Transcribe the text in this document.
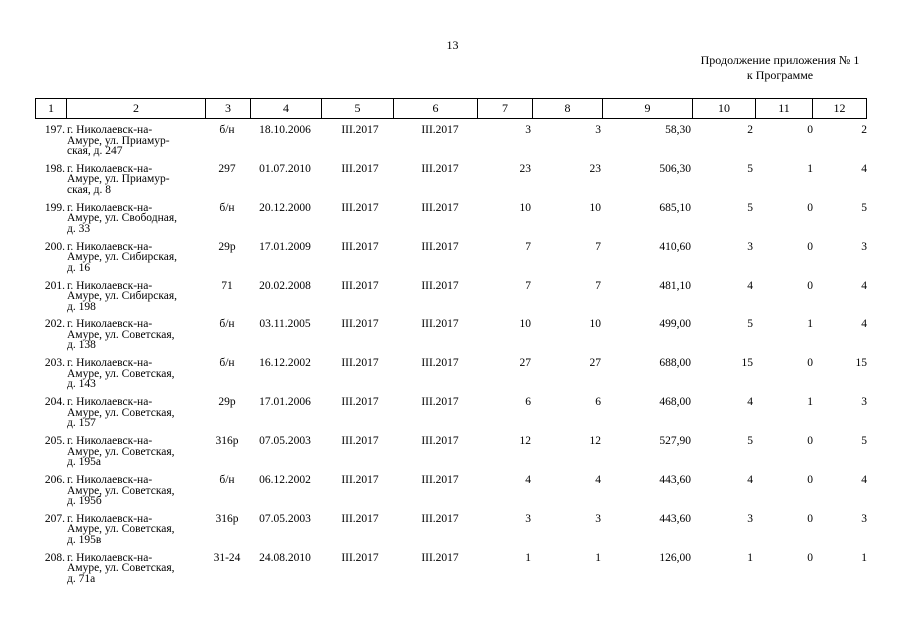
13
Продолжение приложения № 1
к Программе
1	2	3	4	5	6	7	8	9	10	11	12
197. г. Николаевск-на-
Амуре, ул. Приамур-
ская, д. 247
б/н	18.10.2006	III.2017	III.2017	3	3	58,30	2	0	2
198. г. Николаевск-на-
Амуре, ул. Приамур-
ская, д. 8
297	01.07.2010	III.2017	III.2017	23	23	506,30	5	1	4
199. г. Николаевск-на-
Амуре, ул. Свободная,
д. 33
б/н	20.12.2000	III.2017	III.2017	10	10	685,10	5	0	5
200. г. Николаевск-на-
Амуре, ул. Сибирская,
д. 16
29р	17.01.2009	III.2017	III.2017	7	7	410,60	3	0	3
201. г. Николаевск-на-
Амуре, ул. Сибирская,
д. 198
71	20.02.2008	III.2017	III.2017	7	7	481,10	4	0	4
202. г. Николаевск-на-
Амуре, ул. Советская,
д. 138
б/н	03.11.2005	III.2017	III.2017	10	10	499,00	5	1	4
203. г. Николаевск-на-
Амуре, ул. Советская,
д. 143
б/н	16.12.2002	III.2017	III.2017	27	27	688,00	15	0	15
204. г. Николаевск-на-
Амуре, ул. Советская,
д. 157
29р	17.01.2006	III.2017	III.2017	6	6	468,00	4	1	3
205. г. Николаевск-на-
Амуре, ул. Советская,
д. 195а
316р	07.05.2003	III.2017	III.2017	12	12	527,90	5	0	5
206. г. Николаевск-на-
Амуре, ул. Советская,
д. 195б
б/н	06.12.2002	III.2017	III.2017	4	4	443,60	4	0	4
207. г. Николаевск-на-
Амуре, ул. Советская,
д. 195в
316р	07.05.2003	III.2017	III.2017	3	3	443,60	3	0	3
208. г. Николаевск-на-
Амуре, ул. Советская,
д. 71а
31-24	24.08.2010	III.2017	III.2017	1	1	126,00	1	0	1
